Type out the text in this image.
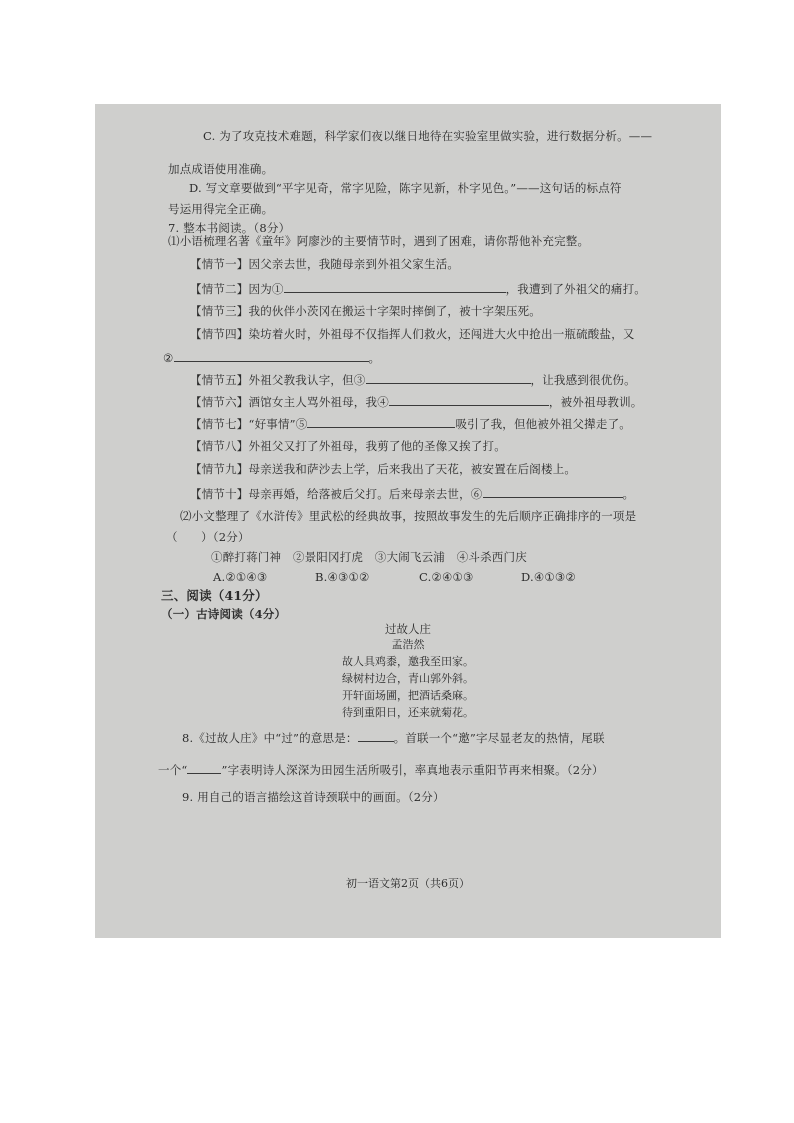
C. 为了攻克技术难题，科学家们夜以继日地待在实验室里做实验，进行数据分析。——
加点成语使用准确。
D. 写文章要做到“平字见奇，常字见险，陈字见新，朴字见色。”——这句话的标点符
号运用得完全正确。
7. 整本书阅读。（8分）
⑴小语梳理名著《童年》阿廖沙的主要情节时，遇到了困难，请你帮他补充完整。
【情节一】因父亲去世，我随母亲到外祖父家生活。
【情节二】因为①	，我遭到了外祖父的痛打。
【情节三】我的伙伴小茨冈在搬运十字架时摔倒了，被十字架压死。
【情节四】染坊着火时，外祖母不仅指挥人们救火，还闯进大火中抢出一瓶硫酸盐，又
②	。
【情节五】外祖父教我认字，但③	，让我感到很优伤。
【情节六】酒馆女主人骂外祖母，我④	，被外祖母教训。
【情节七】“好事情”⑤	吸引了我，但他被外祖父撵走了。
【情节八】外祖父又打了外祖母，我剪了他的圣像又挨了打。
【情节九】母亲送我和萨沙去上学，后来我出了天花，被安置在后阁楼上。
【情节十】母亲再婚，给落被后父打。后来母亲去世，⑥	。
⑵小文整理了《水浒传》里武松的经典故事，按照故事发生的先后顺序正确排序的一项是
（　　）（2分）
①醉打蒋门神　②景阳冈打虎　③大闹飞云浦　④斗杀西门庆
A.②①④③	B.④③①②	C.②④①③	D.④①③②
三、阅读（41分）
（一）古诗阅读（4分）
过故人庄
孟浩然
故人具鸡黍，邀我至田家。
绿树村边合，青山郭外斜。
开轩面场圃，把酒话桑麻。
待到重阳日，还来就菊花。
8.《过故人庄》中“过”的意思是：	。首联一个“邀”字尽显老友的热情，尾联
一个“	”字表明诗人深深为田园生活所吸引，率真地表示重阳节再来相聚。（2分）
9. 用自己的语言描绘这首诗颈联中的画面。（2分）
初一语文第2页（共6页）
